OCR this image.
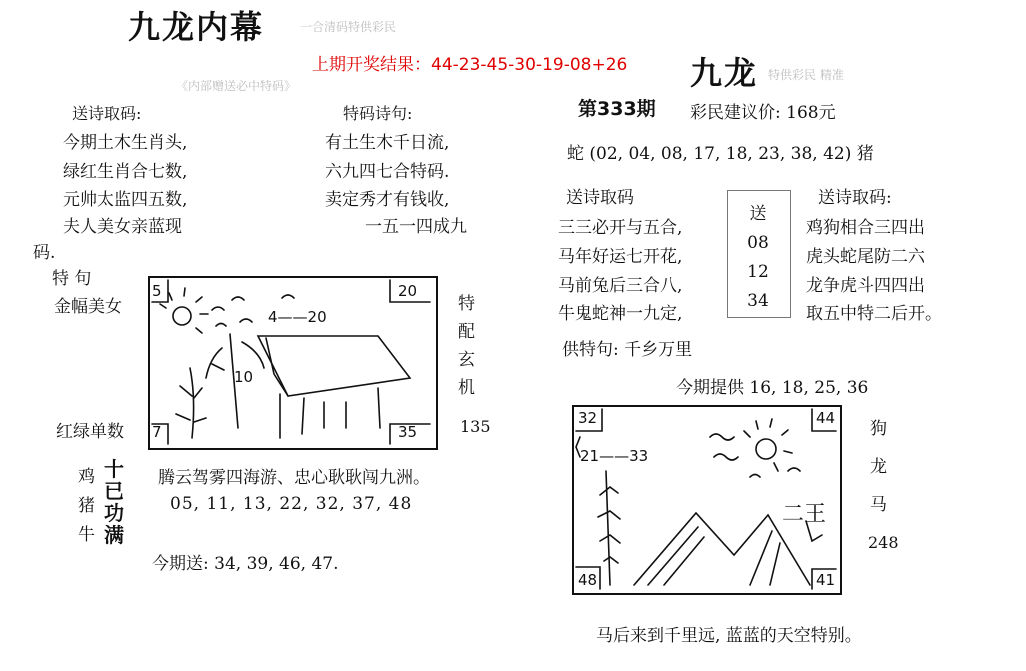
九龙内幕	一合清码特供彩民
上期开奖结果：44-23-45-30-19-08+26
《内部赠送必中特码》
送诗取码:
今期土木生肖头,
绿红生肖合七数,
元帅太监四五数,
夫人美女亲蓝现
码.
特码诗句:
有土生木千日流,
六九四七合特码.
卖定秀才有钱收,
一五一四成九
特 句
金幅美女
红绿单数
5	20
7	35
4——20
10
特
配
玄
机
135
鸡
猪
牛
十
已
功
满
腾云驾雾四海游、忠心耿耿闯九洲。
05, 11, 13, 22, 32, 37, 48
今期送: 34, 39, 46, 47.
九龙 特供彩民 精准
第333期 彩民建议价: 168元
蛇 (02, 04, 08, 17, 18, 23, 38, 42) 猪
送诗取码
三三必开与五合,
马年好运七开花,
马前兔后三合八,
牛鬼蛇神一九定,
送
08
12
34
送诗取码:
鸡狗相合三四出
虎头蛇尾防二六
龙争虎斗四四出
取五中特二后开。
供特句: 千乡万里
今期提供 16, 18, 25, 36
32	44
48	41
21——33
二王
狗
龙
马
248
马后来到千里远, 蓝蓝的天空特别。
